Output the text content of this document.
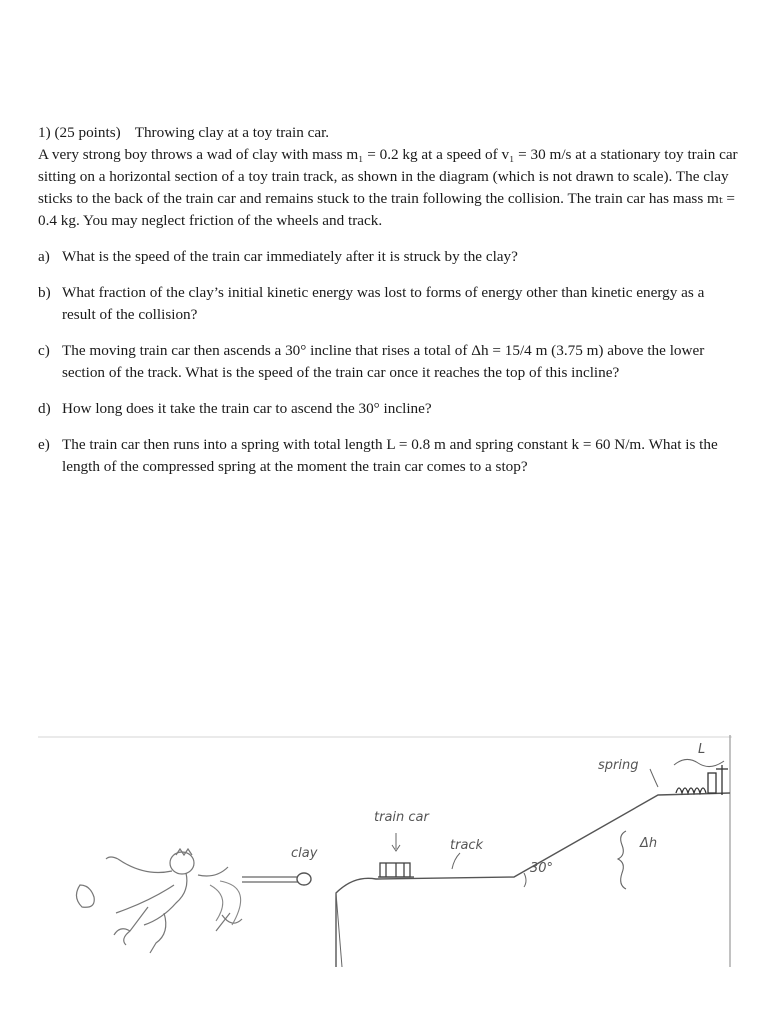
1) (25 points) Throwing clay at a toy train car.

A very strong boy throws a wad of clay with mass m₁ = 0.2 kg at a speed of v₁ = 30 m/s at a stationary toy train car sitting on a horizontal section of a toy train track, as shown in the diagram (which is not drawn to scale). The clay sticks to the back of the train car and remains stuck to the train following the collision. The train car has mass mₜ = 0.4 kg. You may neglect friction of the wheels and track.

a) What is the speed of the train car immediately after it is struck by the clay?
b) What fraction of the clay’s initial kinetic energy was lost to forms of energy other than kinetic energy as a result of the collision?
c) The moving train car then ascends a 30° incline that rises a total of Δh = 15/4 m (3.75 m) above the lower section of the track. What is the speed of the train car once it reaches the top of this incline?
d) How long does it take the train car to ascend the 30° incline?
e) The train car then runs into a spring with total length L = 0.8 m and spring constant k = 60 N/m. What is the length of the compressed spring at the moment the train car comes to a stop?
clay
train car
track
30°
Δh
spring
L
